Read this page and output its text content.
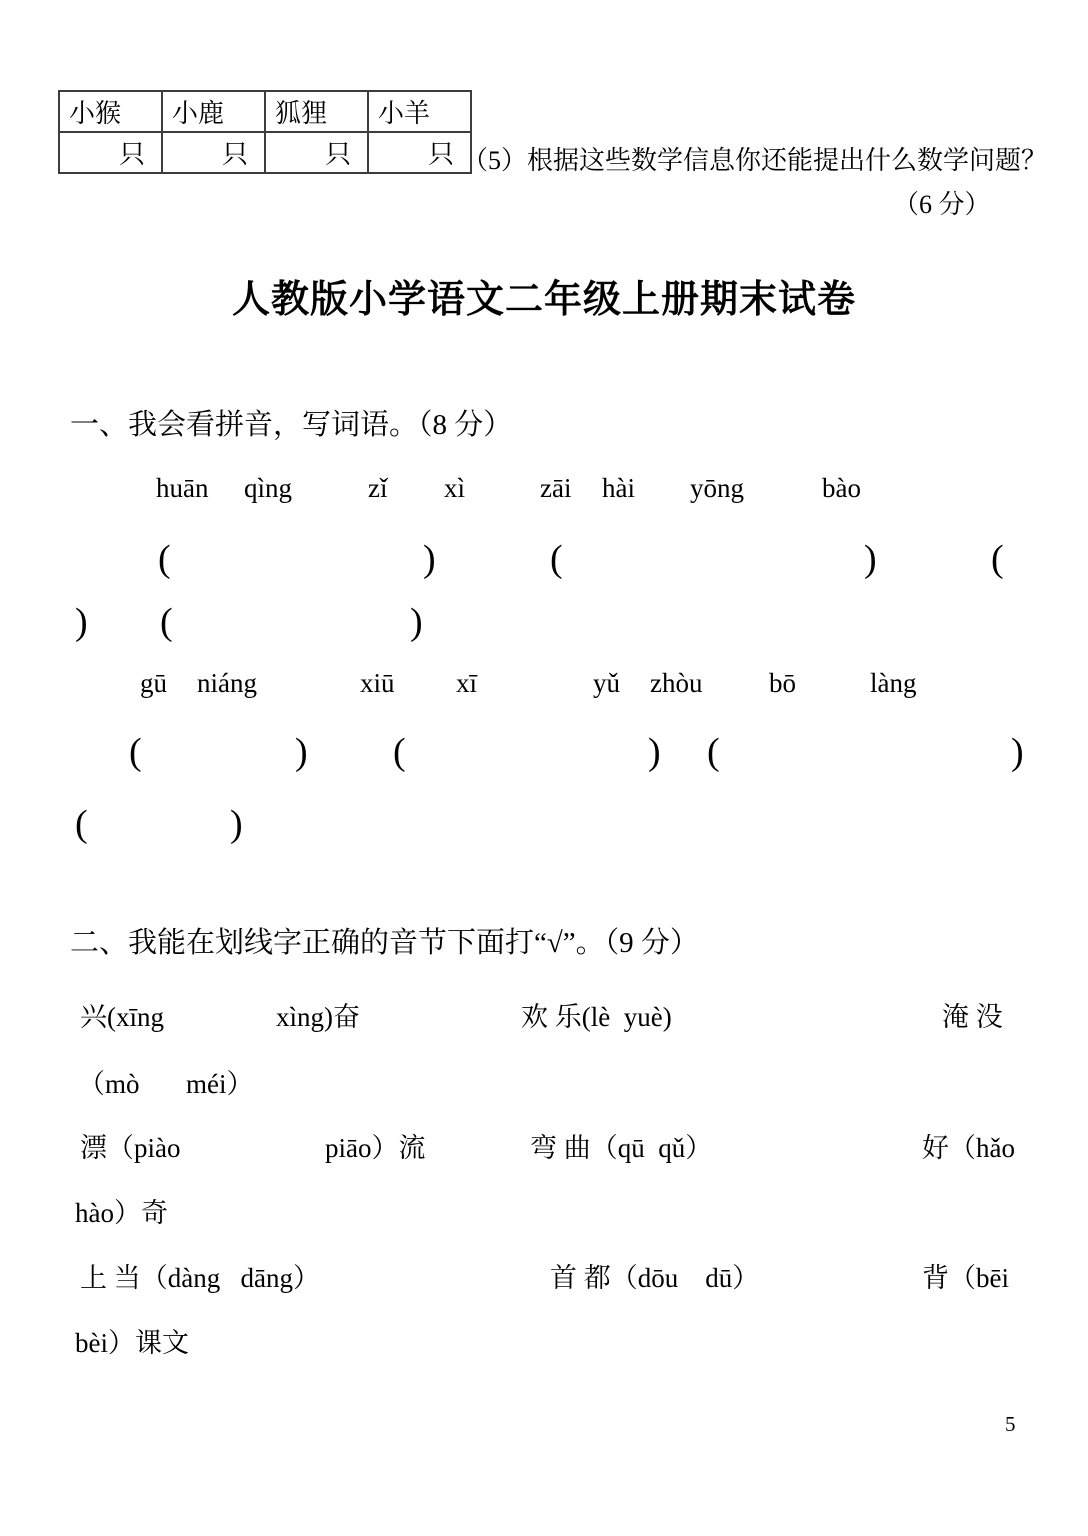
小猴	小鹿	狐狸	小羊
只	只	只	只 （5）根据这些数学信息你还能提出什么数学问题？
（6 分）
人教版小学语文二年级上册期末试卷
一、我会看拼音，写词语。（8 分）
huān qìng	zǐ xì	zāi hài yōng	bào
(	)	(	)	(
) (	)
gū niáng	xiū xī	yǔ zhòu bō	làng
(	) (	) (	)
(	)
二、我能在划线字正确的音节下面打“√”。（9 分）
兴(xīng	xìng)奋	欢 乐(lè  yuè)	淹 没
（mò méi）
漂（piào	piāo）流	弯 曲（qū  qǔ）	好（hǎo
hào）奇
上 当（dàng   dāng）	首 都（dōu    dū）	背（bēi
bèi）课文
5
